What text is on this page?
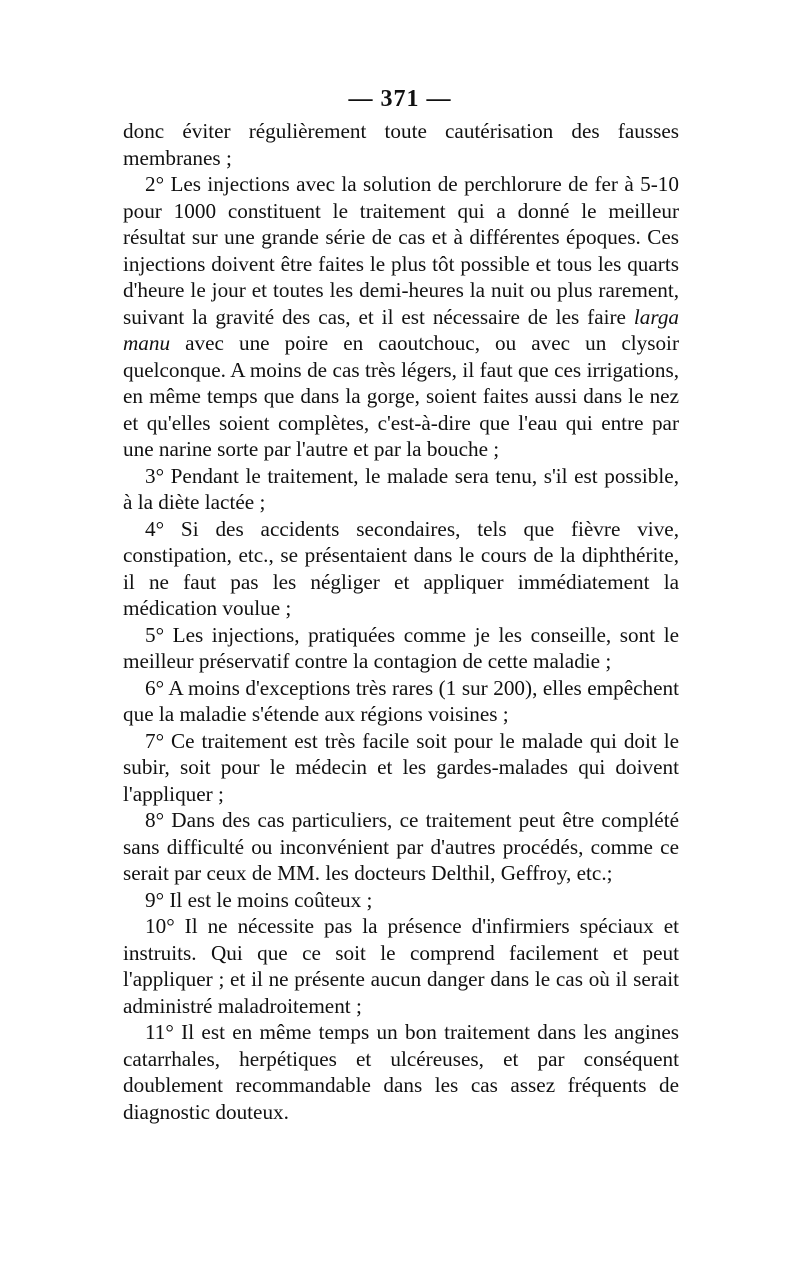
— 371 —

donc éviter régulièrement toute cautérisation des fausses membranes ;

2° Les injections avec la solution de perchlorure de fer à 5-10 pour 1000 constituent le traitement qui a donné le meilleur résultat sur une grande série de cas et à différentes époques. Ces injections doivent être faites le plus tôt possible et tous les quarts d'heure le jour et toutes les demi-heures la nuit ou plus rarement, suivant la gravité des cas, et il est nécessaire de les faire larga manu avec une poire en caoutchouc, ou avec un clysoir quelconque. A moins de cas très légers, il faut que ces irrigations, en même temps que dans la gorge, soient faites aussi dans le nez et qu'elles soient complètes, c'est-à-dire que l'eau qui entre par une narine sorte par l'autre et par la bouche ;

3° Pendant le traitement, le malade sera tenu, s'il est possible, à la diète lactée ;

4° Si des accidents secondaires, tels que fièvre vive, constipation, etc., se présentaient dans le cours de la diphthérite, il ne faut pas les négliger et appliquer immédiatement la médication voulue ;

5° Les injections, pratiquées comme je les conseille, sont le meilleur préservatif contre la contagion de cette maladie ;

6° A moins d'exceptions très rares (1 sur 200), elles empêchent que la maladie s'étende aux régions voisines ;

7° Ce traitement est très facile soit pour le malade qui doit le subir, soit pour le médecin et les gardes-malades qui doivent l'appliquer ;

8° Dans des cas particuliers, ce traitement peut être complété sans difficulté ou inconvénient par d'autres procédés, comme ce serait par ceux de MM. les docteurs Delthil, Geffroy, etc.;

9° Il est le moins coûteux ;

10° Il ne nécessite pas la présence d'infirmiers spéciaux et instruits. Qui que ce soit le comprend facilement et peut l'appliquer ; et il ne présente aucun danger dans le cas où il serait administré maladroitement ;

11° Il est en même temps un bon traitement dans les angines catarrhales, herpétiques et ulcéreuses, et par conséquent doublement recommandable dans les cas assez fréquents de diagnostic douteux.
